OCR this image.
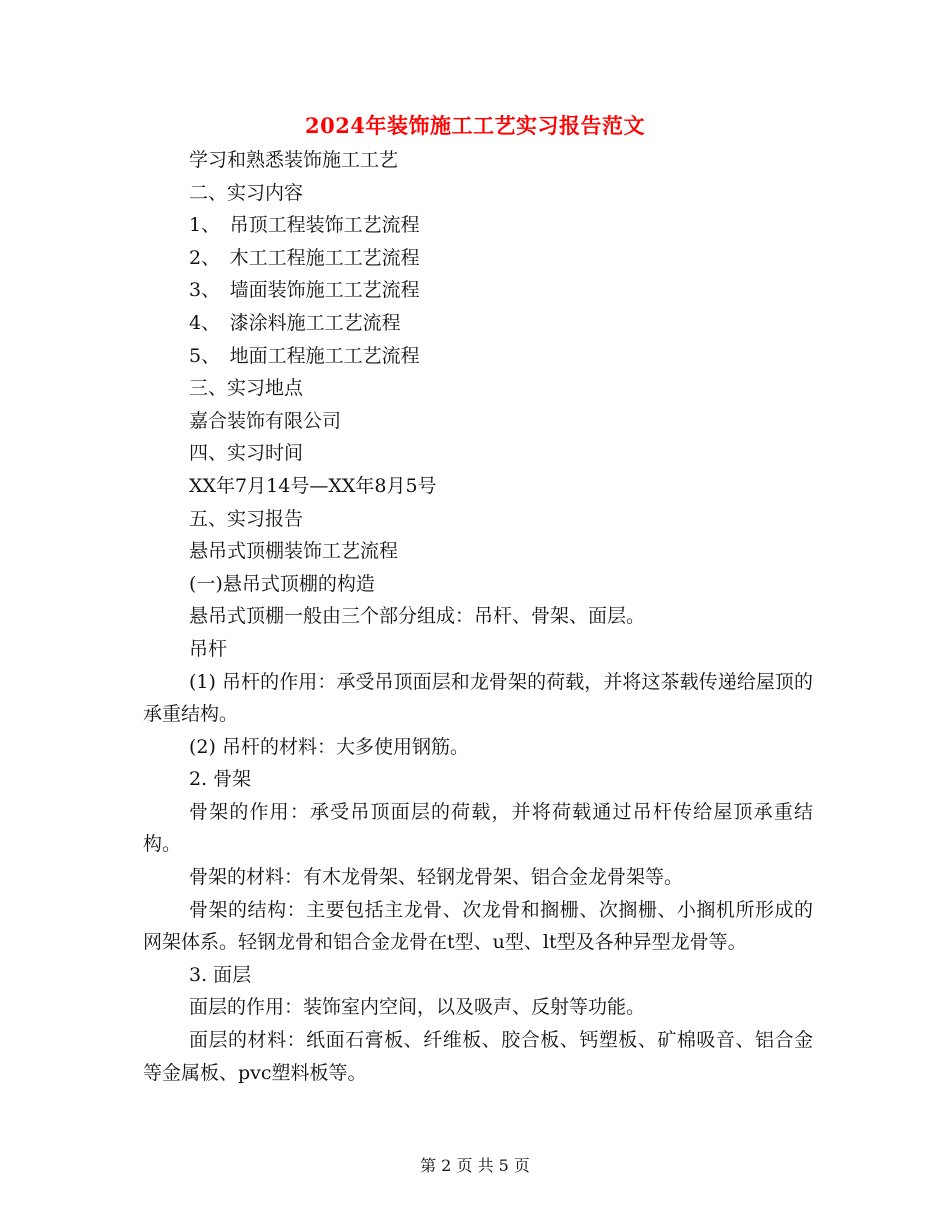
2024年装饰施工工艺实习报告范文

学习和熟悉装饰施工工艺

二、实习内容

1、　吊顶工程装饰工艺流程

2、　木工工程施工工艺流程

3、　墙面装饰施工工艺流程

4、　漆涂料施工工艺流程

5、　地面工程施工工艺流程

三、实习地点

嘉合装饰有限公司

四、实习时间

XX年7月14号—XX年8月5号

五、实习报告

悬吊式顶棚装饰工艺流程

(一)悬吊式顶棚的构造

悬吊式顶棚一般由三个部分组成：吊杆、骨架、面层。

吊杆

(1) 吊杆的作用：承受吊顶面层和龙骨架的荷载，并将这茶载传递给屋顶的承重结构。

(2) 吊杆的材料：大多使用钢筋。

2. 骨架

骨架的作用：承受吊顶面层的荷载，并将荷载通过吊杆传给屋顶承重结构。

骨架的材料：有木龙骨架、轻钢龙骨架、铝合金龙骨架等。

骨架的结构：主要包括主龙骨、次龙骨和搁栅、次搁栅、小搁机所形成的网架体系。轻钢龙骨和铝合金龙骨在t型、u型、lt型及各种异型龙骨等。

3. 面层

面层的作用：装饰室内空间，以及吸声、反射等功能。

面层的材料：纸面石膏板、纤维板、胶合板、钙塑板、矿棉吸音、铝合金等金属板、pvc塑料板等。

第 2 页 共 5 页
